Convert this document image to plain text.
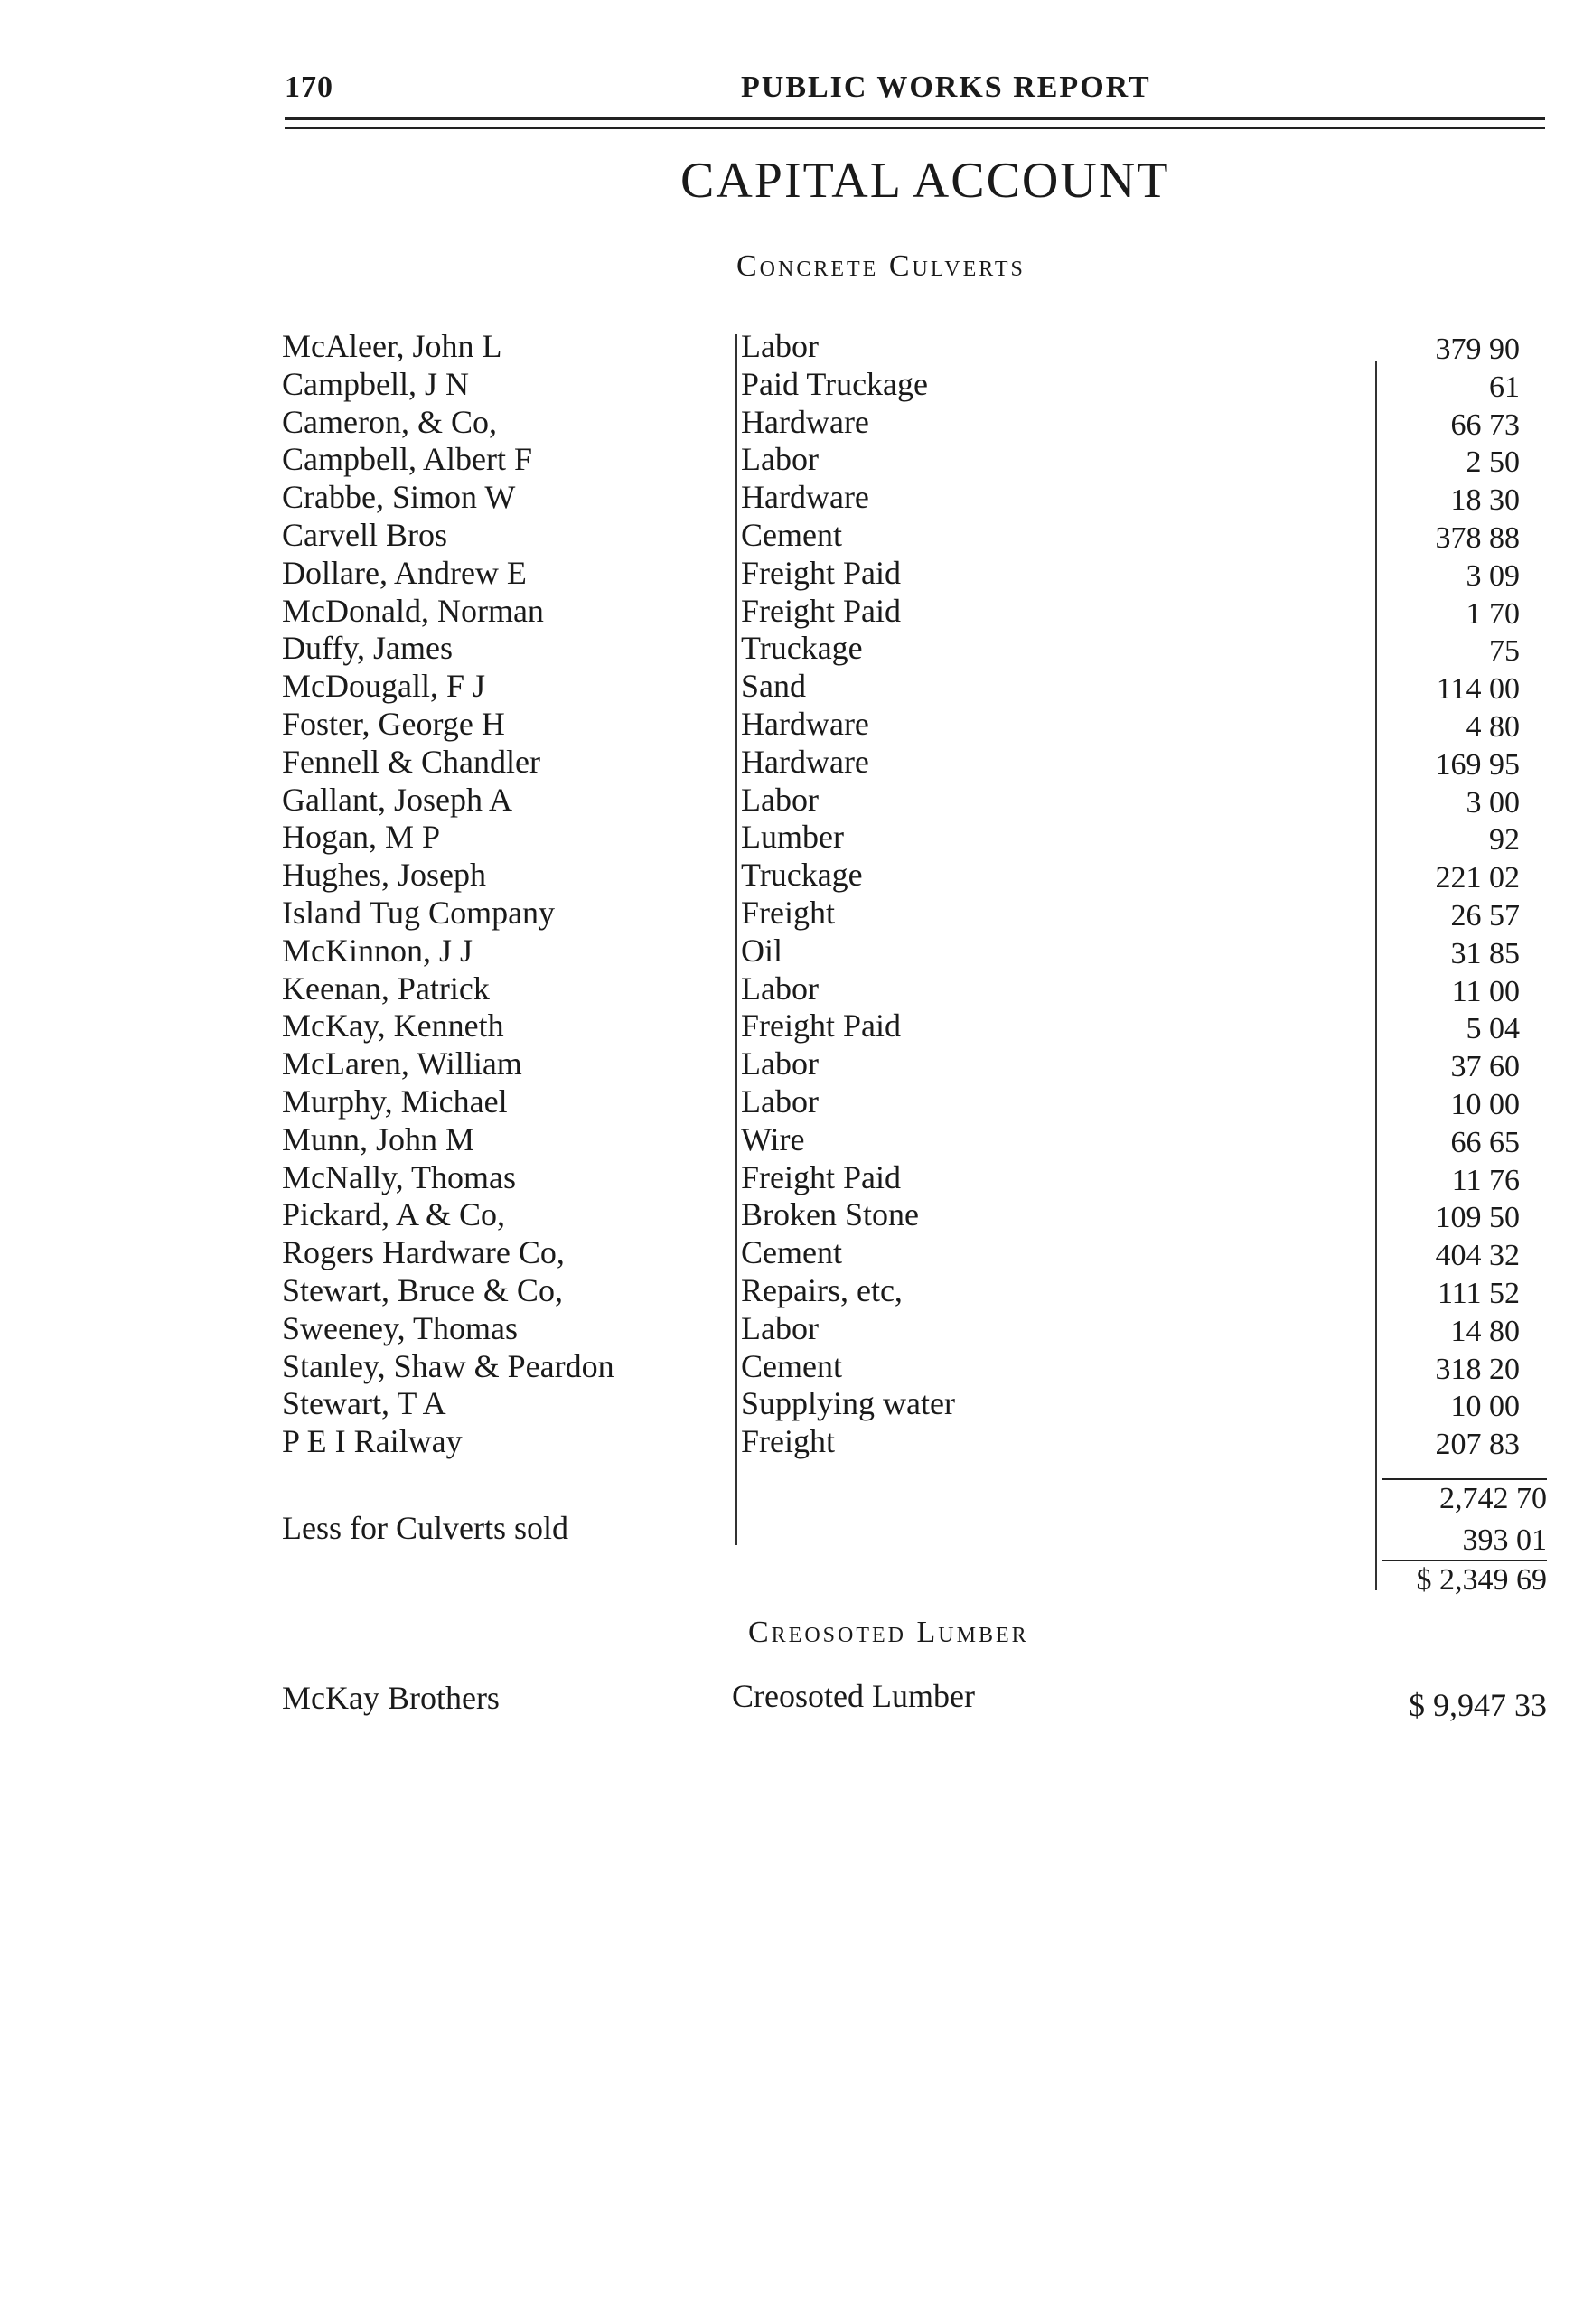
170	PUBLIC WORKS REPORT
CAPITAL ACCOUNT
Concrete Culverts
McAleer, John L	Labor	379 90
Campbell, J N	Paid Truckage	61
Cameron, & Co,	Hardware	66 73
Campbell, Albert F	Labor	2 50
Crabbe, Simon W	Hardware	18 30
Carvell Bros	Cement	378 88
Dollare, Andrew E	Freight Paid	3 09
McDonald, Norman	Freight Paid	1 70
Duffy, James	Truckage	75
McDougall, F J	Sand	114 00
Foster, George H	Hardware	4 80
Fennell & Chandler	Hardware	169 95
Gallant, Joseph A	Labor	3 00
Hogan, M P	Lumber	92
Hughes, Joseph	Truckage	221 02
Island Tug Company	Freight	26 57
McKinnon, J J	Oil	31 85
Keenan, Patrick	Labor	11 00
McKay, Kenneth	Freight Paid	5 04
McLaren, William	Labor	37 60
Murphy, Michael	Labor	10 00
Munn, John M	Wire	66 65
McNally, Thomas	Freight Paid	11 76
Pickard, A & Co,	Broken Stone	109 50
Rogers Hardware Co,	Cement	404 32
Stewart, Bruce & Co,	Repairs, etc,	111 52
Sweeney, Thomas	Labor	14 80
Stanley, Shaw & Peardon	Cement	318 20
Stewart, T A	Supplying water	10 00
P E I Railway	Freight	207 83
2,742 70
Less for Culverts sold	393 01
$ 2,349 69
Creosoted Lumber
McKay Brothers	Creosoted Lumber	$ 9,947 33
